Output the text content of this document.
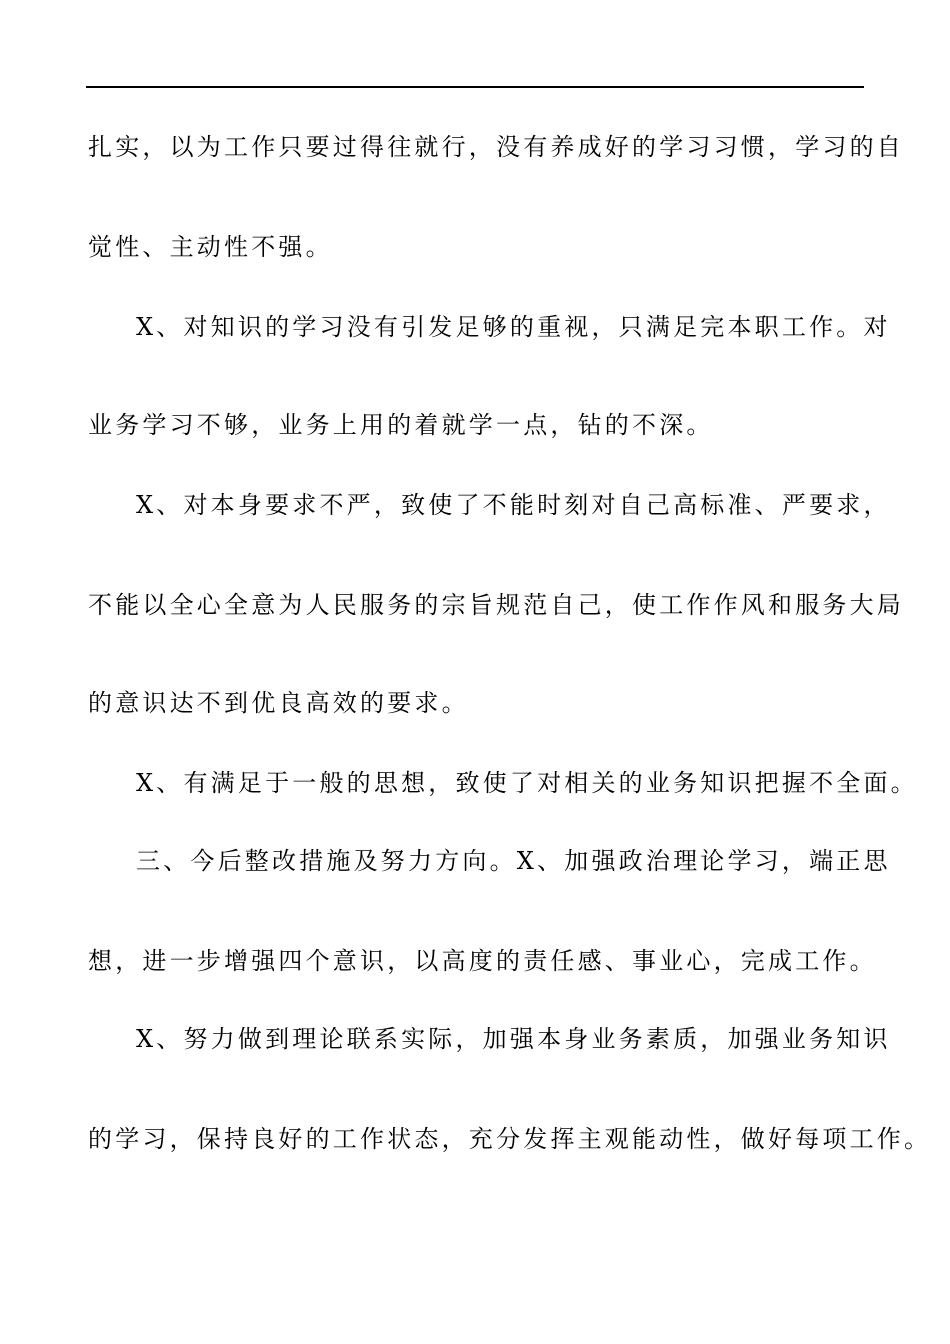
扎实，以为工作只要过得往就行，没有养成好的学习习惯，学习的自
觉性、主动性不强。
X、对知识的学习没有引发足够的重视，只满足完本职工作。对
业务学习不够，业务上用的着就学一点，钻的不深。
X、对本身要求不严，致使了不能时刻对自己高标准、严要求，
不能以全心全意为人民服务的宗旨规范自己，使工作作风和服务大局
的意识达不到优良高效的要求。
X、有满足于一般的思想，致使了对相关的业务知识把握不全面。
三、今后整改措施及努力方向。X、加强政治理论学习，端正思
想，进一步增强四个意识，以高度的责任感、事业心，完成工作。
X、努力做到理论联系实际，加强本身业务素质，加强业务知识
的学习，保持良好的工作状态，充分发挥主观能动性，做好每项工作。
